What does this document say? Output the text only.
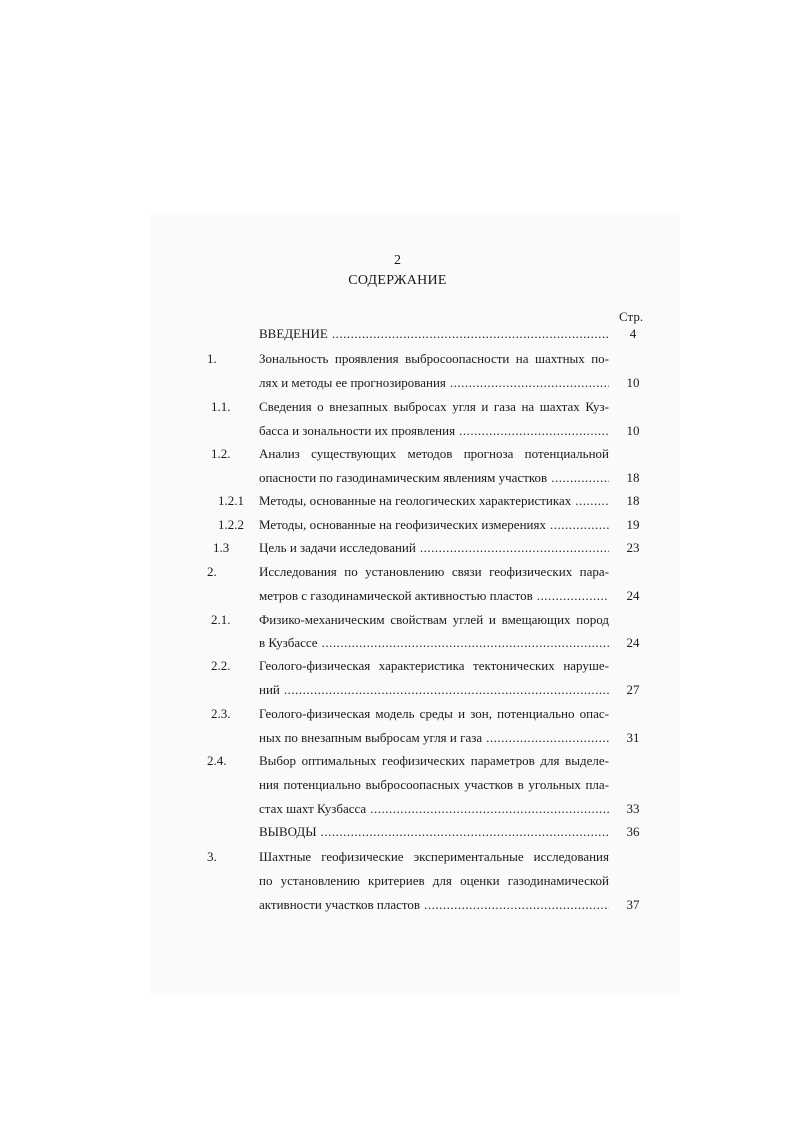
2
СОДЕРЖАНИЕ
Стр.
ВВЕДЕНИЕ .....	4
1.	Зональность проявления выбросоопасности на шахтных по-
лях и методы ее прогнозирования .....	10
1.1. Сведения о внезапных выбросах угля и газа на шахтах Куз-
басса и зональности их проявления .....	10
1.2. Анализ существующих методов прогноза потенциальной
опасности по газодинамическим явлениям участков .....	18
1.2.1 Методы, основанные на геологических характеристиках .....	18
1.2.2 Методы, основанные на геофизических измерениях .....	19
1.3 Цель и задачи исследований .....	23
2.	Исследования по установлению связи геофизических пара-
метров с газодинамической активностью пластов .....	24
2.1. Физико-механическим свойствам углей и вмещающих пород
в Кузбассе .....	24
2.2. Геолого-физическая характеристика тектонических наруше-
ний .....	27
2.3. Геолого-физическая модель среды и зон, потенциально опас-
ных по внезапным выбросам угля и газа .....	31
2.4.	Выбор оптимальных геофизических параметров для выделе-
ния потенциально выбросоопасных участков в угольных пла-
стах шахт Кузбасса .....	33
ВЫВОДЫ .....	36
3.	Шахтные геофизические экспериментальные исследования
по установлению критериев для оценки газодинамической
активности участков пластов .....	37
